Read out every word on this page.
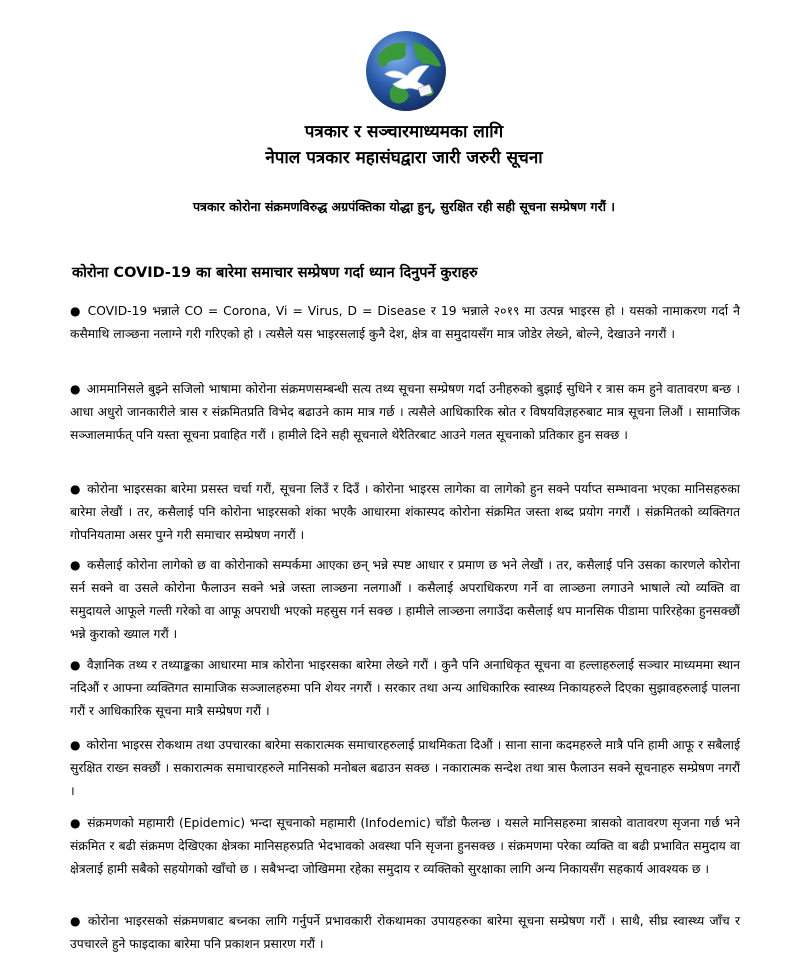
पत्रकार र सञ्चारमाध्यमका लागि
नेपाल पत्रकार महासंघद्वारा जारी जरुरी सूचना
पत्रकार कोरोना संक्रमणविरुद्ध अग्रपंक्तिका योद्धा हुन्, सुरक्षित रही सही सूचना सम्प्रेषण गरौं ।
कोरोना COVID-19 का बारेमा समाचार सम्प्रेषण गर्दा ध्यान दिनुपर्ने कुराहरु
● COVID-19 भन्नाले CO = Corona, Vi = Virus, D = Disease र 19 भन्नाले २०१९ मा उत्पन्न भाइरस हो । यसको नामाकरण गर्दा नै कसैमाथि लाञ्छना नलाग्ने गरी गरिएको हो । त्यसैले यस भाइरसलाई कुनै देश, क्षेत्र वा समुदायसँग मात्र जोडेर लेख्ने, बोल्ने, देखाउने नगरौं ।
● आममानिसले बुझ्ने सजिलो भाषामा कोरोना संक्रमणसम्बन्धी सत्य तथ्य सूचना सम्प्रेषण गर्दा उनीहरुको बुझाई सुधिने र त्रास कम हुने वातावरण बन्छ । आधा अधुरो जानकारीले त्रास र संक्रमितप्रति विभेद बढाउने काम मात्र गर्छ । त्यसैले आधिकारिक स्रोत र विषयविज्ञहरुबाट मात्र सूचना लिऔं । सामाजिक सञ्जालमार्फत् पनि यस्ता सूचना प्रवाहित गरौं । हामीले दिने सही सूचनाले थेरैतिरबाट आउने गलत सूचनाको प्रतिकार हुन सक्छ ।
● कोरोना भाइरसका बारेमा प्रसस्त चर्चा गरौं, सूचना लिउँ र दिउँ । कोरोना भाइरस लागेका वा लागेको हुन सक्ने पर्याप्त सम्भावना भएका मानिसहरुका बारेमा लेखौं । तर, कसैलाई पनि कोरोना भाइरसको शंका भएकै आधारमा शंकास्पद कोरोना संक्रमित जस्ता शब्द प्रयोग नगरौं । संक्रमितको व्यक्तिगत गोपनियतामा असर पुग्ने गरी समाचार सम्प्रेषण नगरौं ।
● कसैलाई कोरोना लागेको छ वा कोरोनाको सम्पर्कमा आएका छन् भन्ने स्पष्ट आधार र प्रमाण छ भने लेखौं । तर, कसैलाई पनि उसका कारणले कोरोना सर्न सक्ने वा उसले कोरोना फैलाउन सक्ने भन्ने जस्ता लाञ्छना नलगाऔं । कसैलाई अपराधिकरण गर्ने वा लाञ्छना लगाउने भाषाले त्यो व्यक्ति वा समुदायले आफूले गल्ती गरेको वा आफू अपराधी भएको महसुस गर्न सक्छ । हामीले लाञ्छना लगाउँदा कसैलाई थप मानसिक पीडामा पारिरहेका हुनसक्छौं भन्ने कुराको ख्याल गरौं ।
● वैज्ञानिक तथ्य र तथ्याङ्कका आधारमा मात्र कोरोना भाइरसका बारेमा लेख्ने गरौं । कुनै पनि अनाधिकृत सूचना वा हल्लाहरुलाई सञ्चार माध्यममा स्थान नदिऔं र आफ्ना व्यक्तिगत सामाजिक सञ्जालहरुमा पनि शेयर नगरौं । सरकार तथा अन्य आधिकारिक स्वास्थ्य निकायहरुले दिएका सुझावहरुलाई पालना गरौं र आधिकारिक सूचना मात्रै सम्प्रेषण गरौं ।
● कोरोना भाइरस रोकथाम तथा उपचारका बारेमा सकारात्मक समाचारहरुलाई प्राथमिकता दिऔं । साना साना कदमहरुले मात्रै पनि हामी आफू र सबैलाई सुरक्षित राख्न सक्छौं । सकारात्मक समाचारहरुले मानिसको मनोबल बढाउन सक्छ । नकारात्मक सन्देश तथा त्रास फैलाउन सक्ने सूचनाहरु सम्प्रेषण नगरौं ।
● संक्रमणको महामारी (Epidemic) भन्दा सूचनाको महामारी (Infodemic) चाँडो फैलन्छ । यसले मानिसहरुमा त्रासको वातावरण सृजना गर्छ भने संक्रमित र बढी संक्रमण देखिएका क्षेत्रका मानिसहरुप्रति भेदभावको अवस्था पनि सृजना हुनसक्छ । संक्रमणमा परेका व्यक्ति वा बढी प्रभावित समुदाय वा क्षेत्रलाई हामी सबैको सहयोगको खाँचो छ । सबैभन्दा जोखिममा रहेका समुदाय र व्यक्तिको सुरक्षाका लागि अन्य निकायसँग सहकार्य आवश्यक छ ।
● कोरोना भाइरसको संक्रमणबाट बच्नका लागि गर्नुपर्ने प्रभावकारी रोकथामका उपायहरुका बारेमा सूचना सम्प्रेषण गरौं । साथै, सीघ्र स्वास्थ्य जाँच र उपचारले हुने फाइदाका बारेमा पनि प्रकाशन प्रसारण गरौं ।
